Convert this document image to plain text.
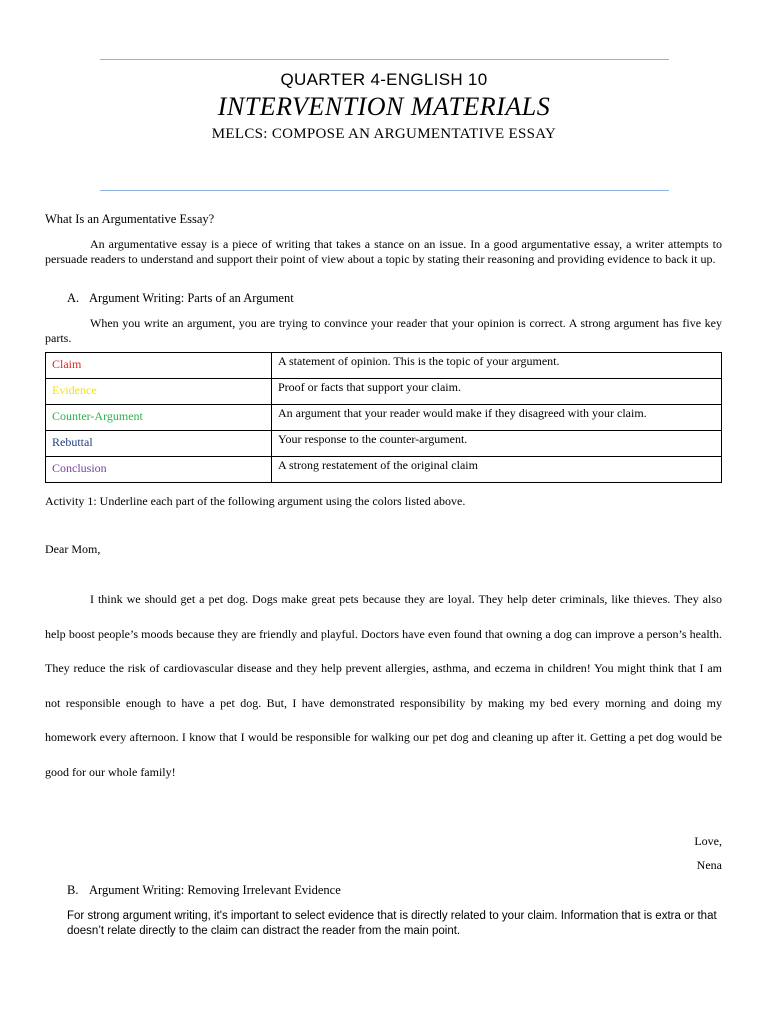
QUARTER 4-ENGLISH 10
INTERVENTION MATERIALS
MELCS: COMPOSE AN ARGUMENTATIVE ESSAY
What Is an Argumentative Essay?
An argumentative essay is a piece of writing that takes a stance on an issue. In a good argumentative essay, a writer attempts to persuade readers to understand and support their point of view about a topic by stating their reasoning and providing evidence to back it up.
A. Argument Writing: Parts of an Argument
When you write an argument, you are trying to convince your reader that your opinion is correct. A strong argument has five key parts.
Claim	A statement of opinion. This is the topic of your argument.
Evidence	Proof or facts that support your claim.
Counter-Argument	An argument that your reader would make if they disagreed with your claim.
Rebuttal	Your response to the counter-argument.
Conclusion	A strong restatement of the original claim
Activity 1: Underline each part of the following argument using the colors listed above.
Dear Mom,
I think we should get a pet dog. Dogs make great pets because they are loyal. They help deter criminals, like thieves. They also help boost people’s moods because they are friendly and playful. Doctors have even found that owning a dog can improve a person’s health. They reduce the risk of cardiovascular disease and they help prevent allergies, asthma, and eczema in children! You might think that I am not responsible enough to have a pet dog. But, I have demonstrated responsibility by making my bed every morning and doing my homework every afternoon. I know that I would be responsible for walking our pet dog and cleaning up after it. Getting a pet dog would be good for our whole family!
Love,
Nena
B. Argument Writing: Removing Irrelevant Evidence
For strong argument writing, it's important to select evidence that is directly related to your claim. Information that is extra or that doesn’t relate directly to the claim can distract the reader from the main point.
